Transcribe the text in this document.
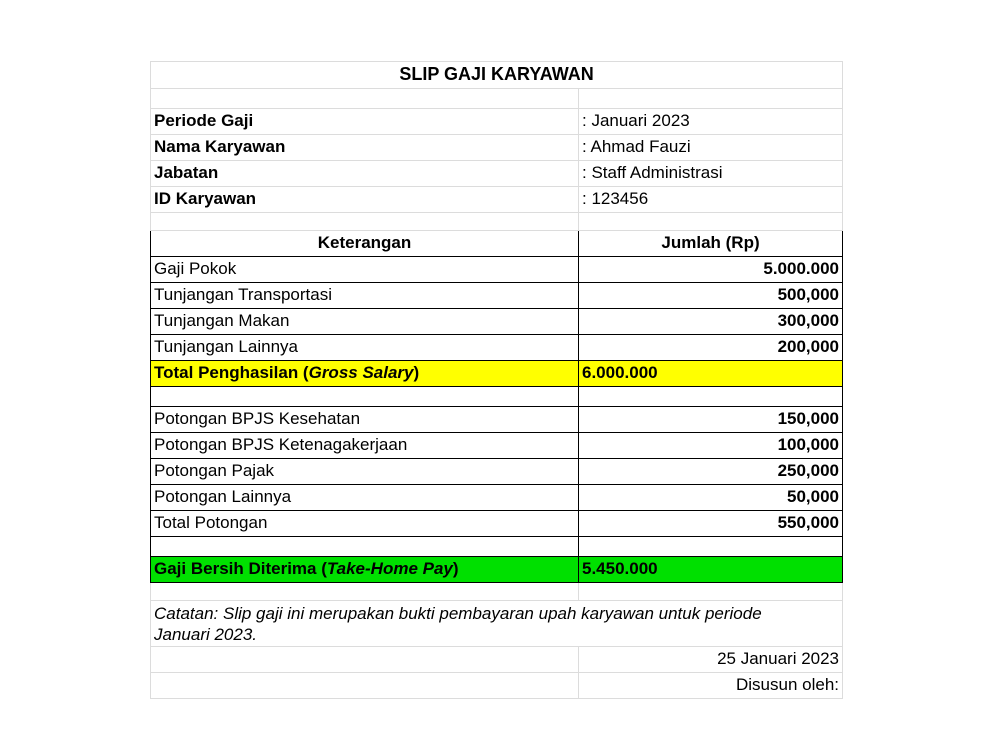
SLIP GAJI KARYAWAN	

Periode Gaji	: Januari 2023
Nama Karyawan	: Ahmad Fauzi
Jabatan	: Staff Administrasi
ID Karyawan	: 123456

Keterangan	Jumlah (Rp)
Gaji Pokok	5.000.000
Tunjangan Transportasi	500,000
Tunjangan Makan	300,000
Tunjangan Lainnya	200,000
Total Penghasilan (Gross Salary)	6.000.000

Potongan BPJS Kesehatan	150,000
Potongan BPJS Ketenagakerjaan	100,000
Potongan Pajak	250,000
Potongan Lainnya	50,000
Total Potongan	550,000

Gaji Bersih Diterima (Take-Home Pay)	5.450.000

Catatan: Slip gaji ini merupakan bukti pembayaran upah karyawan untuk periode Januari 2023.	

	25 Januari 2023
	Disusun oleh:
